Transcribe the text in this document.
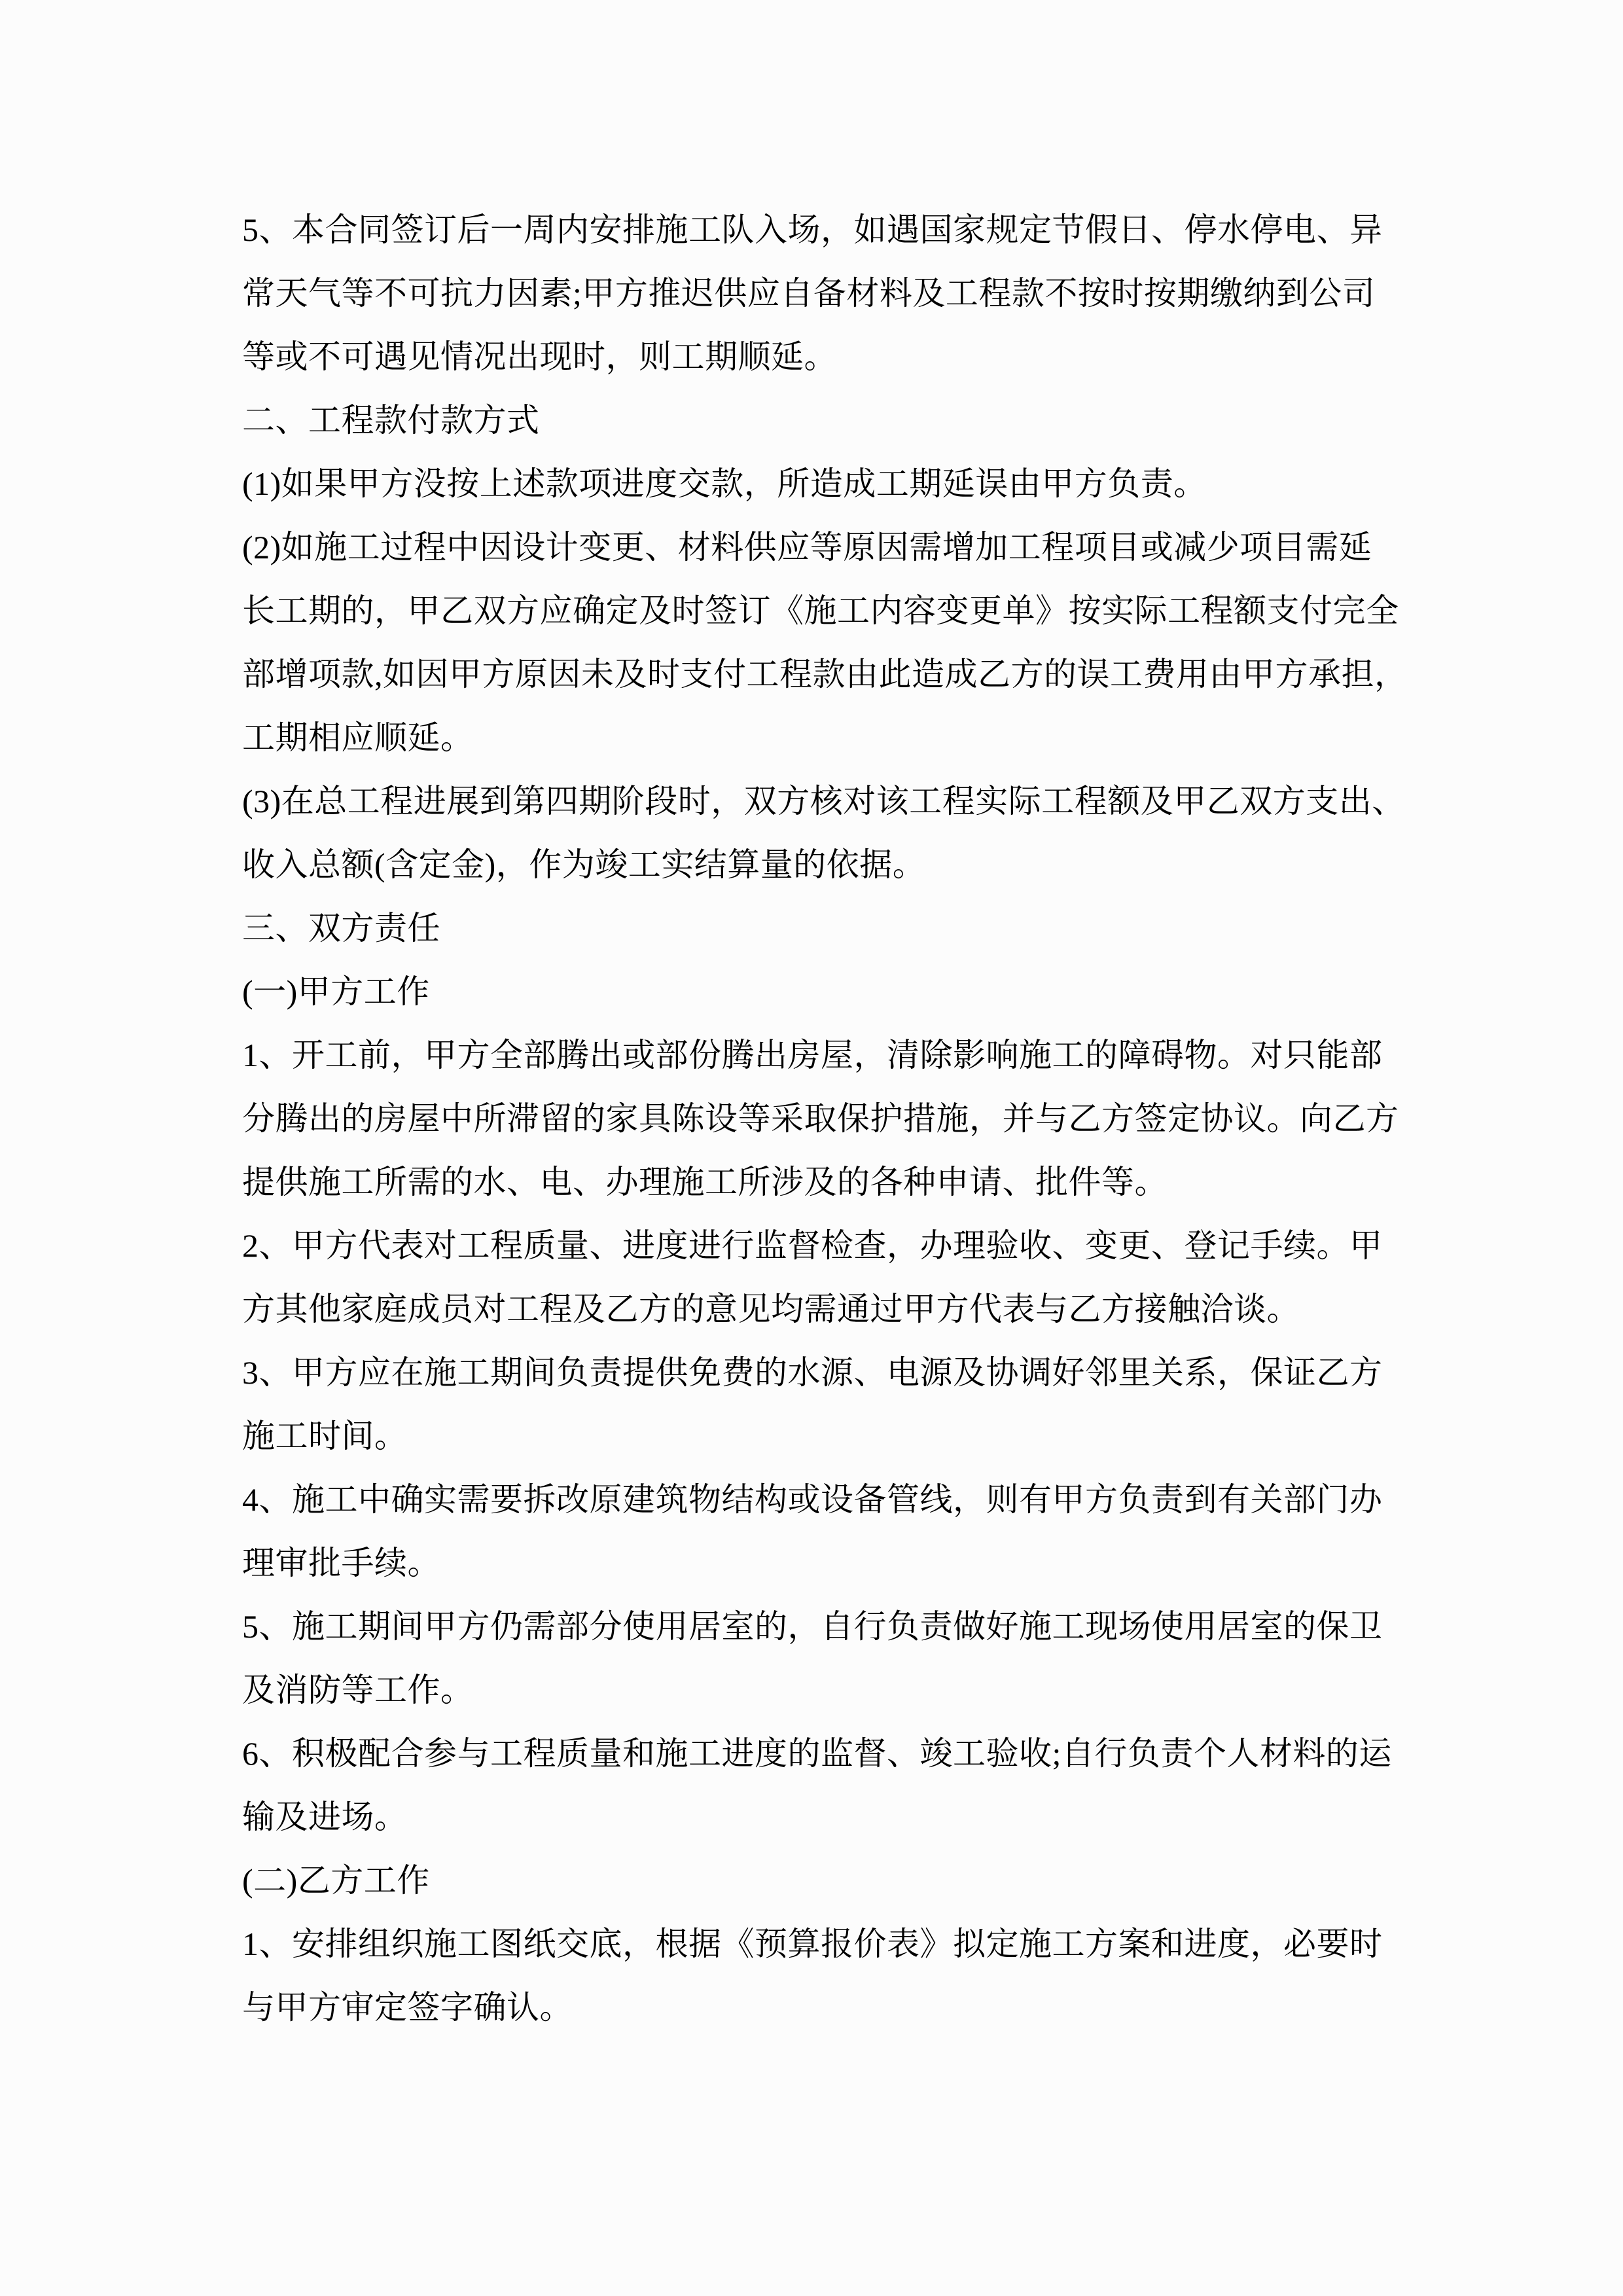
5、本合同签订后一周内安排施工队入场，如遇国家规定节假日、停水停电、异
常天气等不可抗力因素;甲方推迟供应自备材料及工程款不按时按期缴纳到公司
等或不可遇见情况出现时，则工期顺延。
二、工程款付款方式
(1)如果甲方没按上述款项进度交款，所造成工期延误由甲方负责。
(2)如施工过程中因设计变更、材料供应等原因需增加工程项目或减少项目需延
长工期的，甲乙双方应确定及时签订《施工内容变更单》按实际工程额支付完全
部增项款,如因甲方原因未及时支付工程款由此造成乙方的误工费用由甲方承担，
工期相应顺延。
(3)在总工程进展到第四期阶段时，双方核对该工程实际工程额及甲乙双方支出、
收入总额(含定金)，作为竣工实结算量的依据。
三、双方责任
(一)甲方工作
1、开工前，甲方全部腾出或部份腾出房屋，清除影响施工的障碍物。对只能部
分腾出的房屋中所滞留的家具陈设等采取保护措施，并与乙方签定协议。向乙方
提供施工所需的水、电、办理施工所涉及的各种申请、批件等。
2、甲方代表对工程质量、进度进行监督检查，办理验收、变更、登记手续。甲
方其他家庭成员对工程及乙方的意见均需通过甲方代表与乙方接触洽谈。
3、甲方应在施工期间负责提供免费的水源、电源及协调好邻里关系，保证乙方
施工时间。
4、施工中确实需要拆改原建筑物结构或设备管线，则有甲方负责到有关部门办
理审批手续。
5、施工期间甲方仍需部分使用居室的，自行负责做好施工现场使用居室的保卫
及消防等工作。
6、积极配合参与工程质量和施工进度的监督、竣工验收;自行负责个人材料的运
输及进场。
(二)乙方工作
1、安排组织施工图纸交底，根据《预算报价表》拟定施工方案和进度，必要时
与甲方审定签字确认。
